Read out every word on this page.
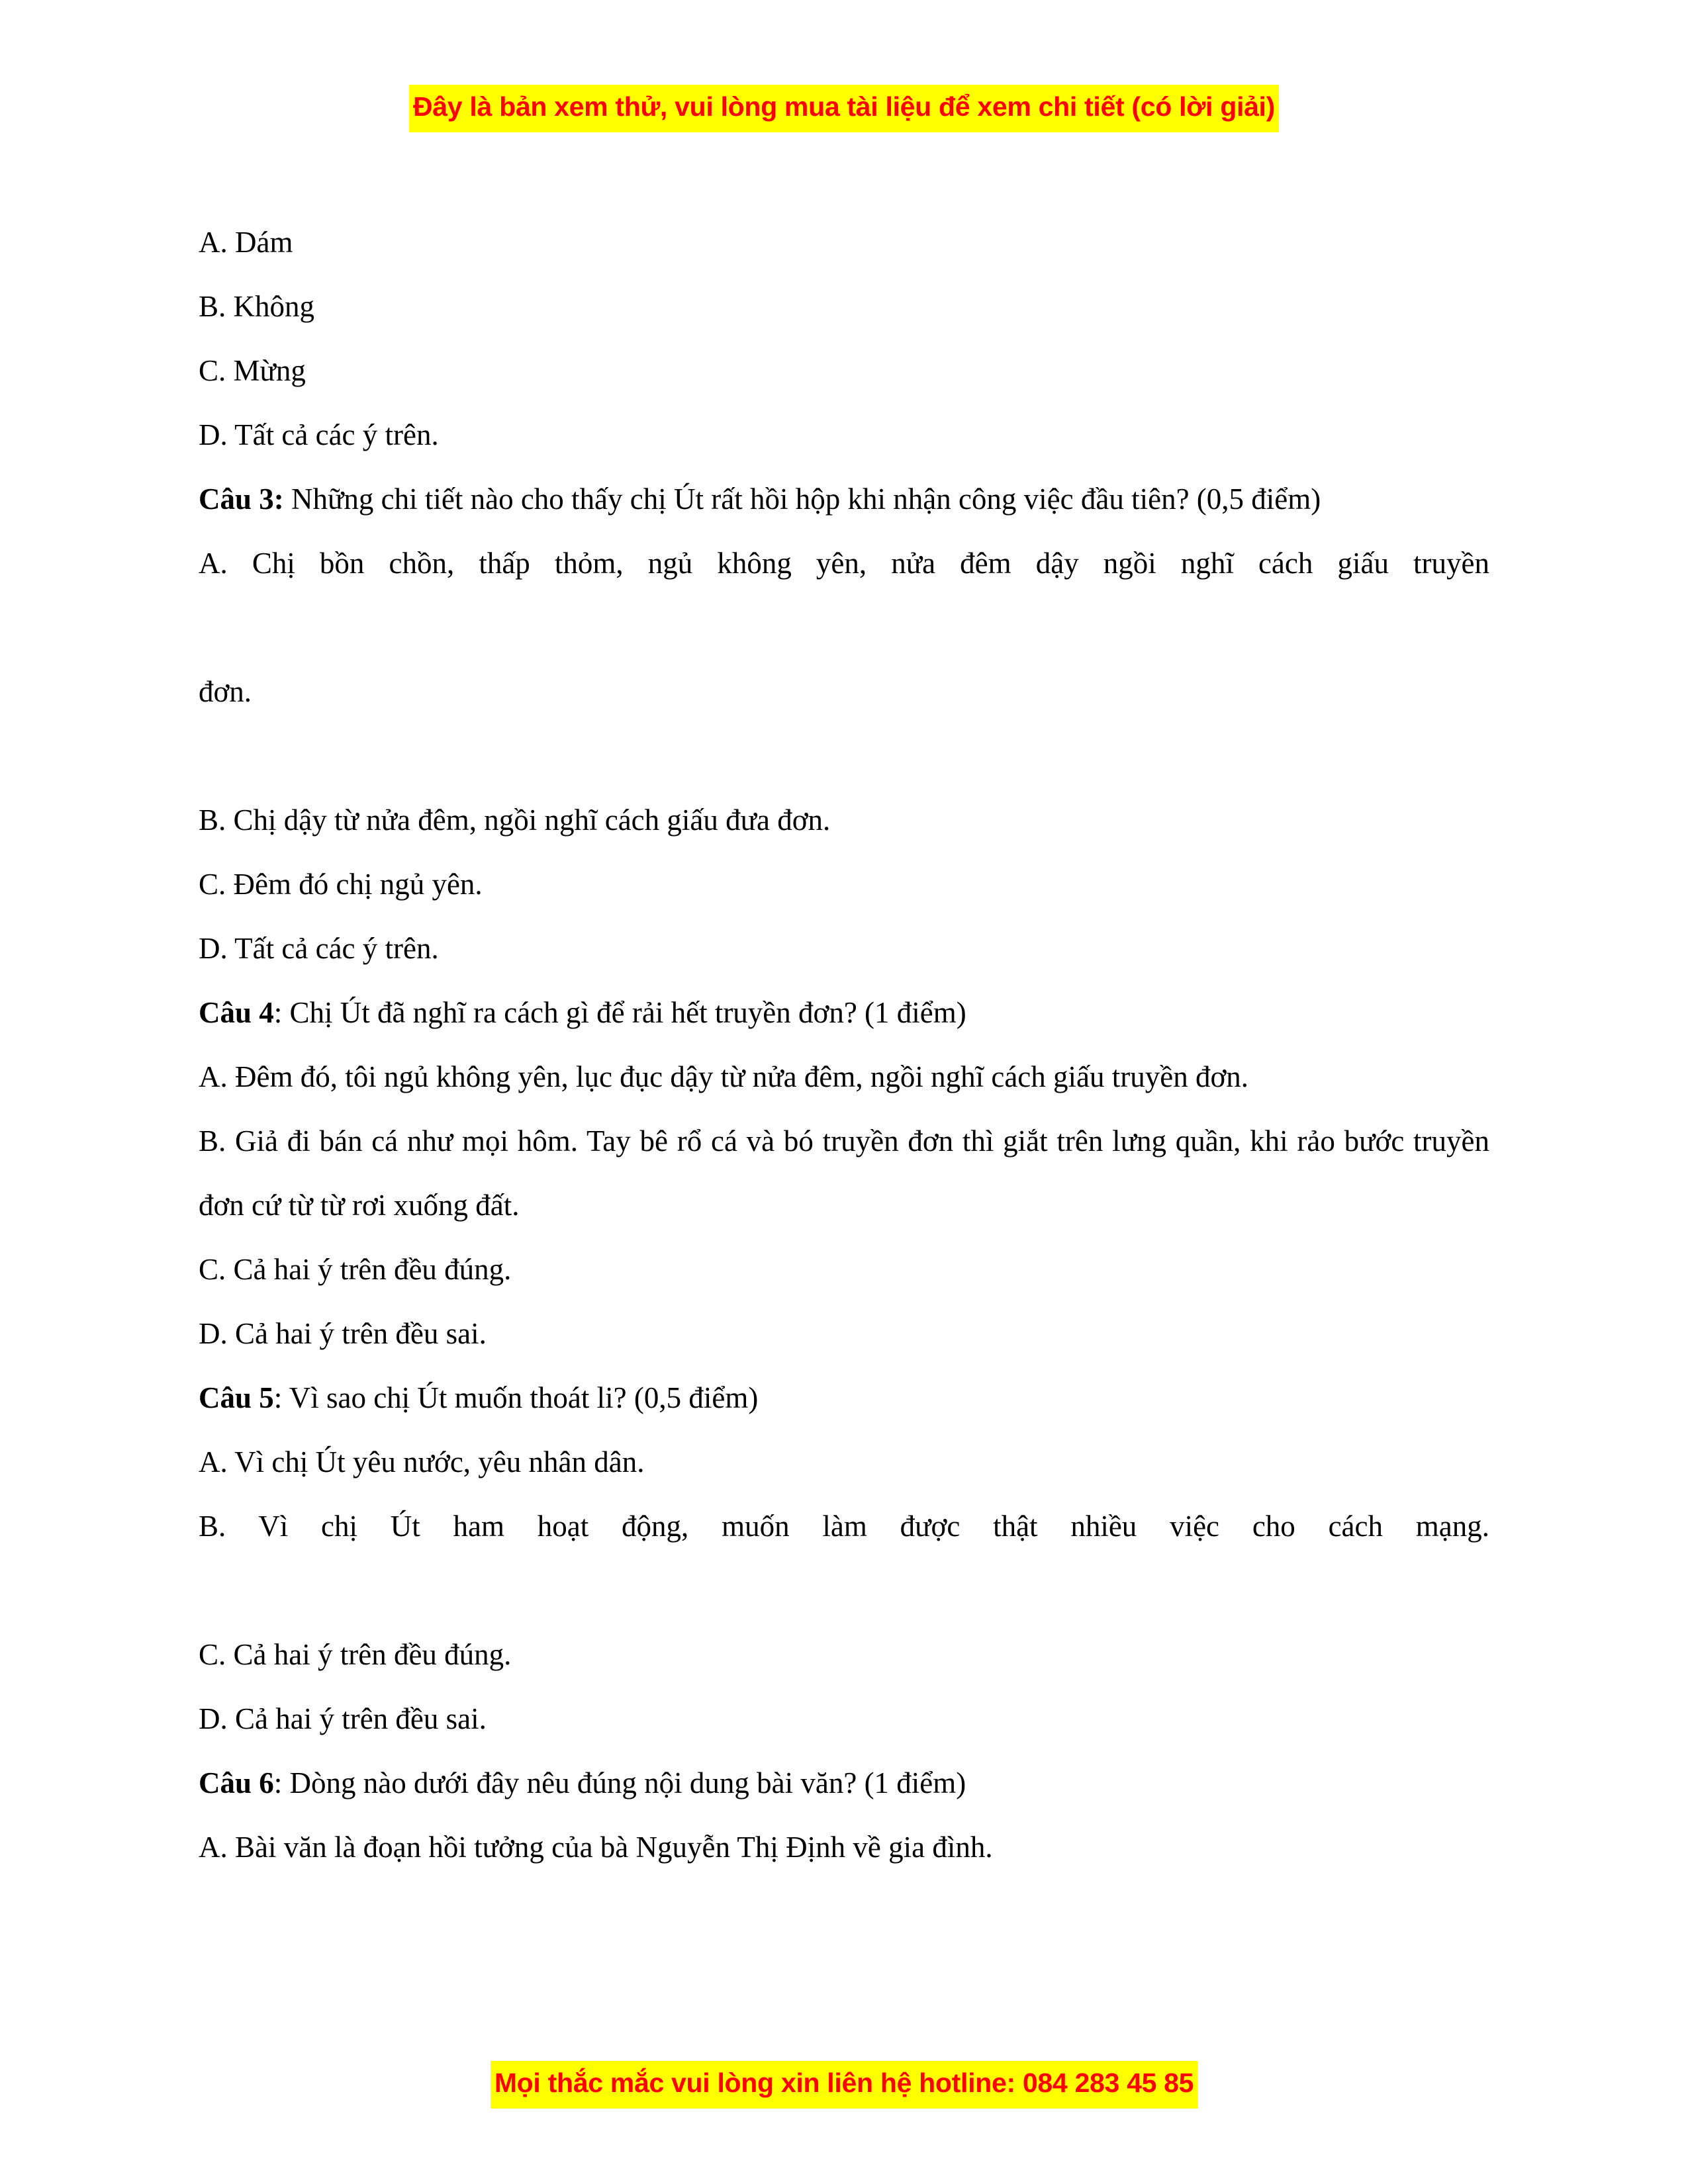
Đây là bản xem thử, vui lòng mua tài liệu để xem chi tiết (có lời giải)

A. Dám

B. Không

C. Mừng

D. Tất cả các ý trên.

Câu 3: Những chi tiết nào cho thấy chị Út rất hồi hộp khi nhận công việc đầu tiên? (0,5 điểm)

A. Chị bồn chồn, thấp thỏm, ngủ không yên, nửa đêm dậy ngồi nghĩ cách giấu truyền

đơn.

B. Chị dậy từ nửa đêm, ngồi nghĩ cách giấu đưa đơn.

C. Đêm đó chị ngủ yên.

D. Tất cả các ý trên.

Câu 4: Chị Út đã nghĩ ra cách gì để rải hết truyền đơn? (1 điểm)

A. Đêm đó, tôi ngủ không yên, lục đục dậy từ nửa đêm, ngồi nghĩ cách giấu truyền đơn.

B. Giả đi bán cá như mọi hôm. Tay bê rổ cá và bó truyền đơn thì giắt trên lưng quần, khi rảo bước truyền đơn cứ từ từ rơi xuống đất.

C. Cả hai ý trên đều đúng.

D. Cả hai ý trên đều sai.

Câu 5: Vì sao chị Út muốn thoát li? (0,5 điểm)

A. Vì chị Út yêu nước, yêu nhân dân.

B. Vì chị Út ham hoạt động, muốn làm được thật nhiều việc cho cách mạng.

C. Cả hai ý trên đều đúng.

D. Cả hai ý trên đều sai.

Câu 6: Dòng nào dưới đây nêu đúng nội dung bài văn? (1 điểm)

A. Bài văn là đoạn hồi tưởng của bà Nguyễn Thị Định về gia đình.

Mọi thắc mắc vui lòng xin liên hệ hotline: 084 283 45 85
